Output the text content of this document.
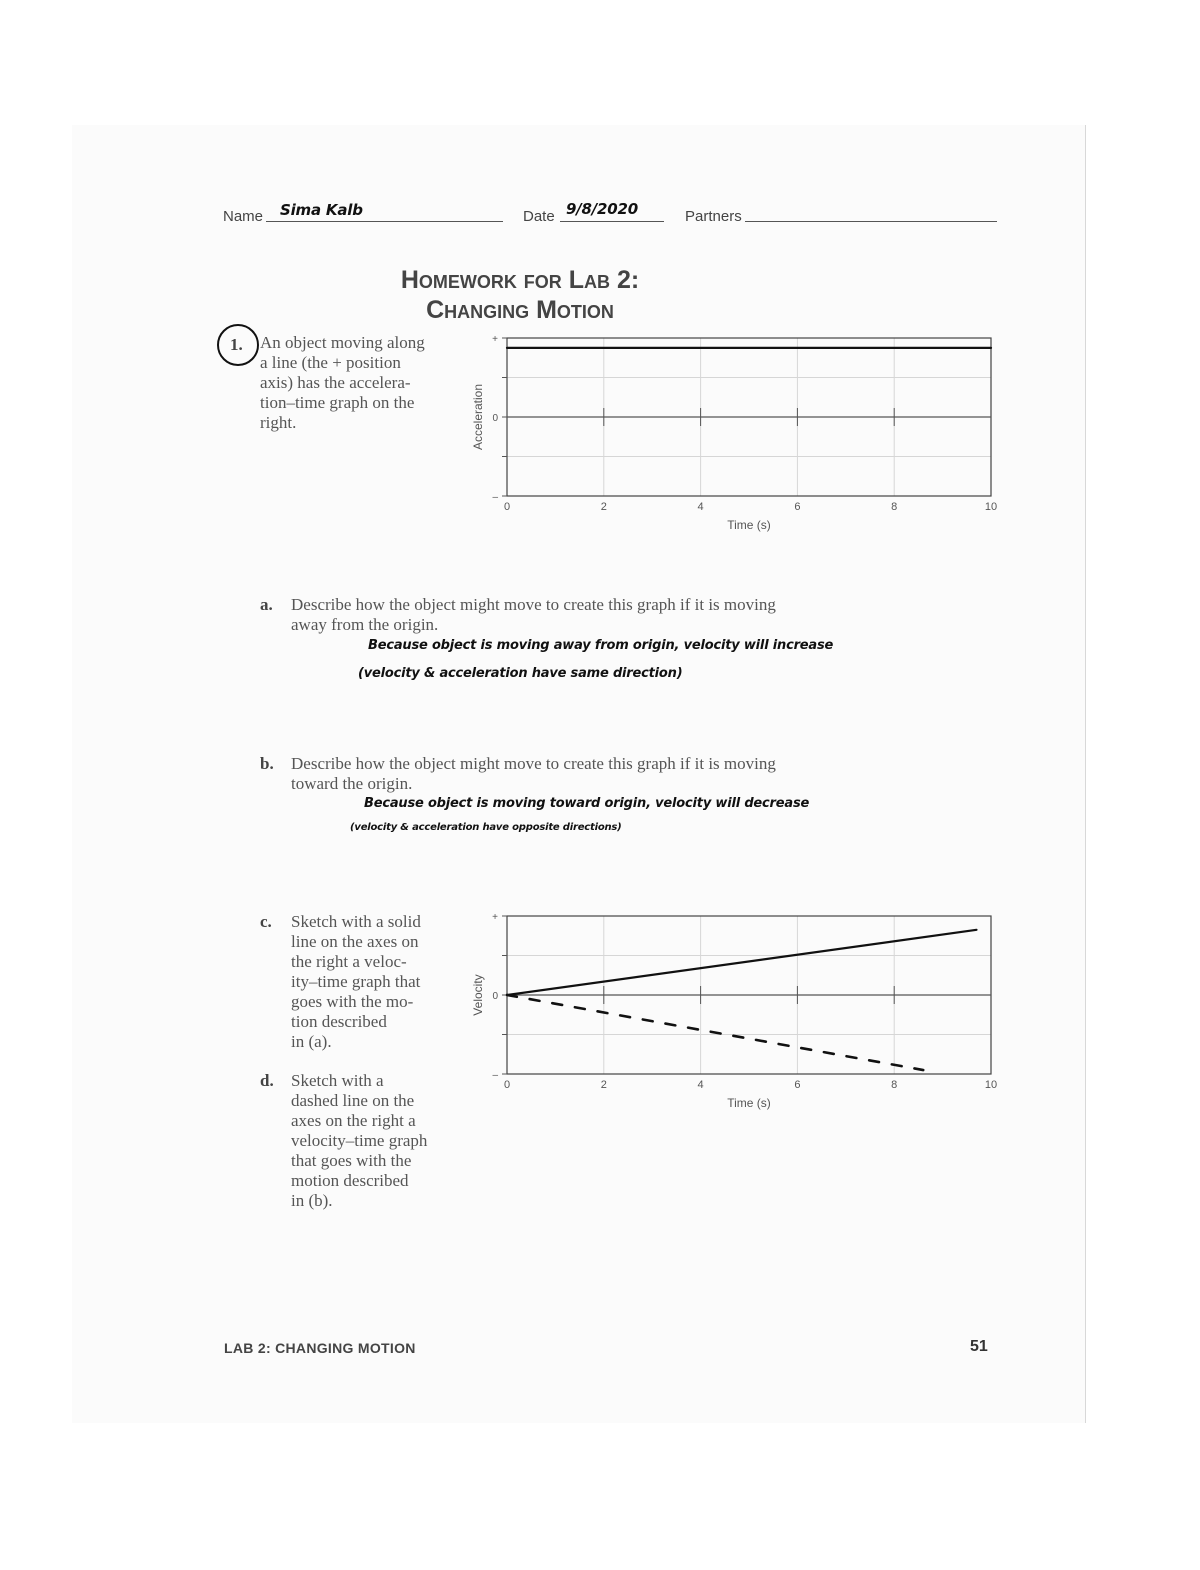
Name Sima Kalb	Date 9/8/2020	Partners
Homework for Lab 2:
Changing Motion
1. An object moving along
a line (the + position
axis) has the accelera-
tion–time graph on the
right.
+
0
–
0	2	4	6	8	10
Time (s)
Acceleration
a. Describe how the object might move to create this graph if it is moving
away from the origin.
Because object is moving away from origin, velocity will increase
(velocity & acceleration have same direction)
b. Describe how the object might move to create this graph if it is moving
toward the origin.
Because object is moving toward origin, velocity will decrease
(velocity & acceleration have opposite directions)
c. Sketch with a solid
line on the axes on
the right a veloc-
ity–time graph that
goes with the mo-
tion described
in (a).
d. Sketch with a
dashed line on the
axes on the right a
velocity–time graph
that goes with the
motion described
in (b).
+
0
–
0	2	4	6	8	10
Time (s)
Velocity
LAB 2: CHANGING MOTION	51
